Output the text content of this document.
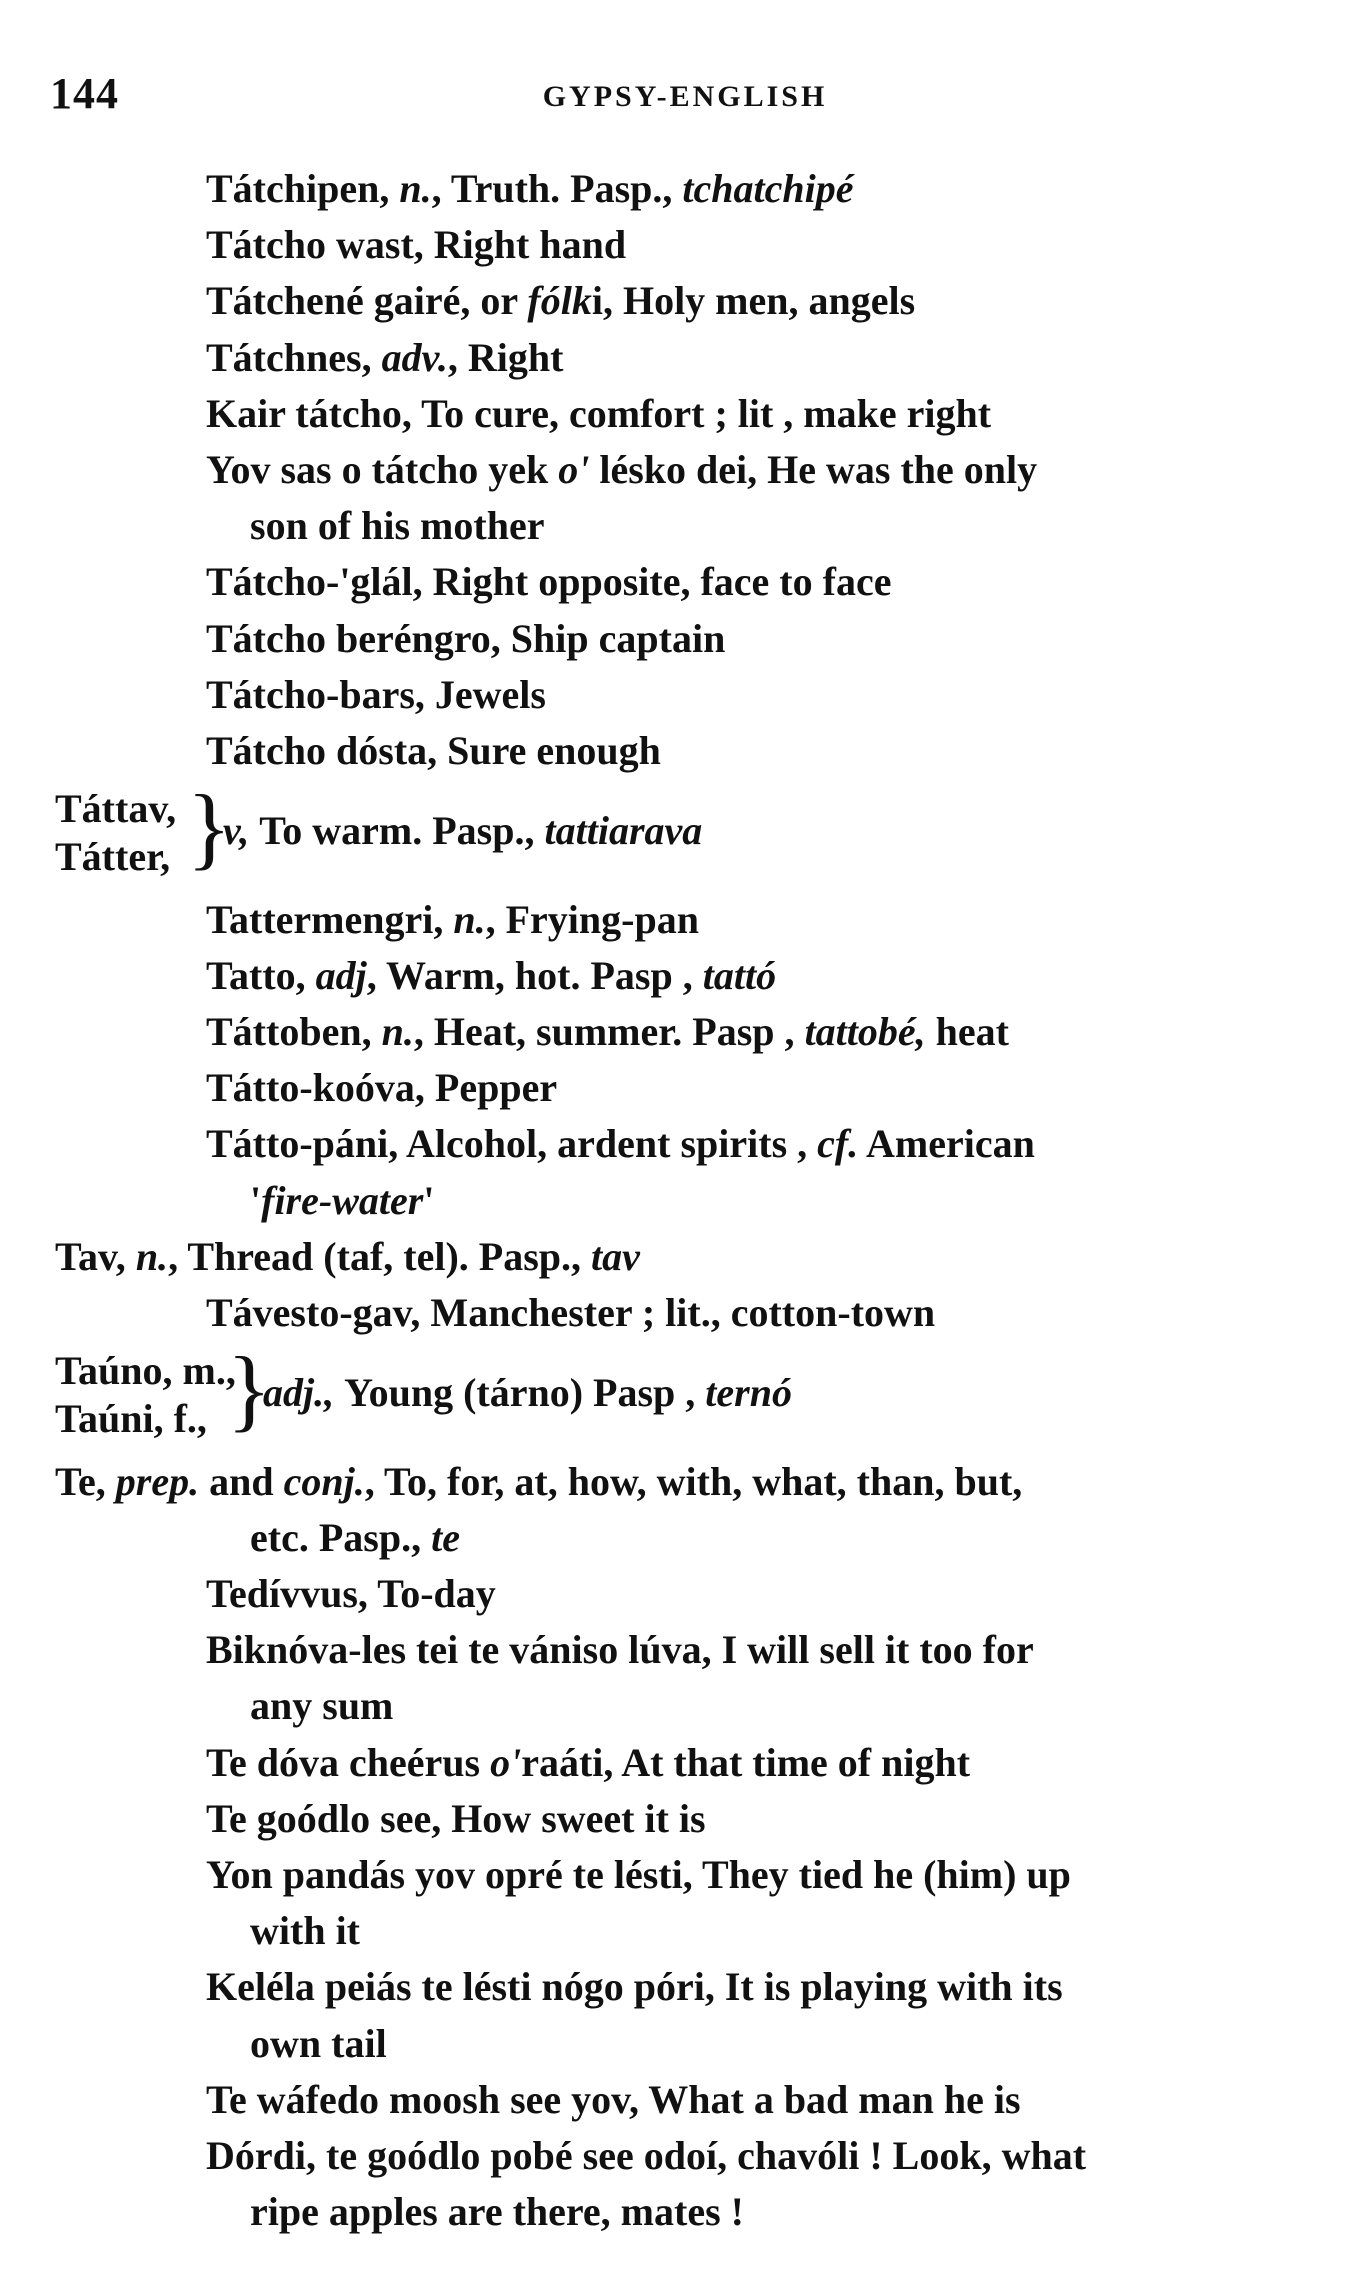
144	GYPSY-ENGLISH
Tátchipen, n., Truth. Pasp., tchatchipé
Tátcho wast, Right hand
Tátchené gairé, or fólki, Holy men, angels
Tátchnes, adv., Right
Kair tátcho, To cure, comfort ; lit , make right
Yov sas o tátcho yek o' lésko dei, He was the only
son of his mother
Tátcho-'glál, Right opposite, face to face
Tátcho beréngro, Ship captain
Tátcho-bars, Jewels
Tátcho dósta, Sure enough
Táttav,
Tátter, }
v, To warm. Pasp., tattiarava
Tattermengri, n., Frying-pan
Tatto, adj, Warm, hot. Pasp , tattó
Táttoben, n., Heat, summer. Pasp , tattobé, heat
Tátto-koóva, Pepper
Tátto-páni, Alcohol, ardent spirits , cf. American
'fire-water'
Tav, n., Thread (taf, tel). Pasp., tav
Távesto-gav, Manchester ; lit., cotton-town
Taúno, m.,
Taúni, f., }
adj., Young (tárno) Pasp , ternó
Te, prep. and conj., To, for, at, how, with, what, than, but,
etc. Pasp., te
Tedívvus, To-day
Biknóva-les tei te vániso lúva, I will sell it too for
any sum
Te dóva cheérus o'raáti, At that time of night
Te goódlo see, How sweet it is
Yon pandás yov opré te lésti, They tied he (him) up
with it
Keléla peiás te lésti nógo póri, It is playing with its
own tail
Te wáfedo moosh see yov, What a bad man he is
Dórdi, te goódlo pobé see odoí, chavóli ! Look, what
ripe apples are there, mates !
